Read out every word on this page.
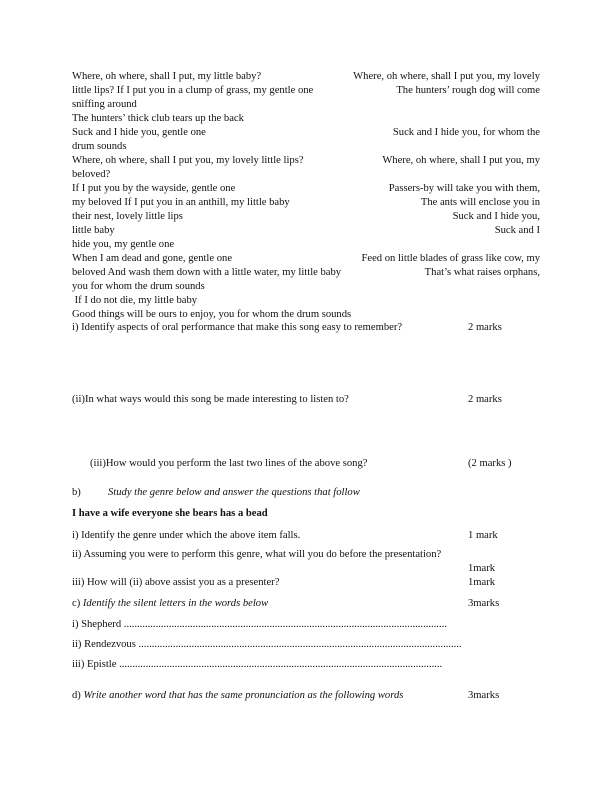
Where, oh where, shall I put, my little baby?	Where, oh where, shall I put you, my lovely
little lips? If I put you in a clump of grass, my gentle one	The hunters’ rough dog will come
sniffing around
The hunters’ thick club tears up the back
Suck and I hide you, gentle one	Suck and I hide you, for whom the
drum sounds
Where, oh where, shall I put you, my lovely little lips?	Where, oh where, shall I put you, my
beloved?
If I put you by the wayside, gentle one	Passers-by will take you with them,
my beloved If I put you in an anthill, my little baby	The ants will enclose you in
their nest, lovely little lips	Suck and I hide you,
little baby	Suck and I
hide you, my gentle one
When I am dead and gone, gentle one	Feed on little blades of grass like cow, my
beloved And wash them down with a little water, my little baby	That’s what raises orphans,
you for whom the drum sounds
If I do not die, my little baby
Good things will be ours to enjoy, you for whom the drum sounds
i) Identify aspects of oral performance that make this song easy to remember?	2 marks
(ii)In what ways would this song be made interesting to listen to?	2 marks
(iii)How would you perform the last two lines of the above song?	(2 marks )
b)	Study the genre below and answer the questions that follow
I have a wife everyone she bears has a bead
i) Identify the genre under which the above item falls.	1 mark
ii) Assuming you were to perform this genre, what will you do before the presentation?
1mark
iii) How will (ii) above assist you as a presenter?	1mark
c) Identify the silent letters in the words below	3marks
i) Shepherd ..........................................................................................................................
ii) Rendezvous ..........................................................................................................................
iii) Epistle ..........................................................................................................................
d) Write another word that has the same pronunciation as the following words	3marks
